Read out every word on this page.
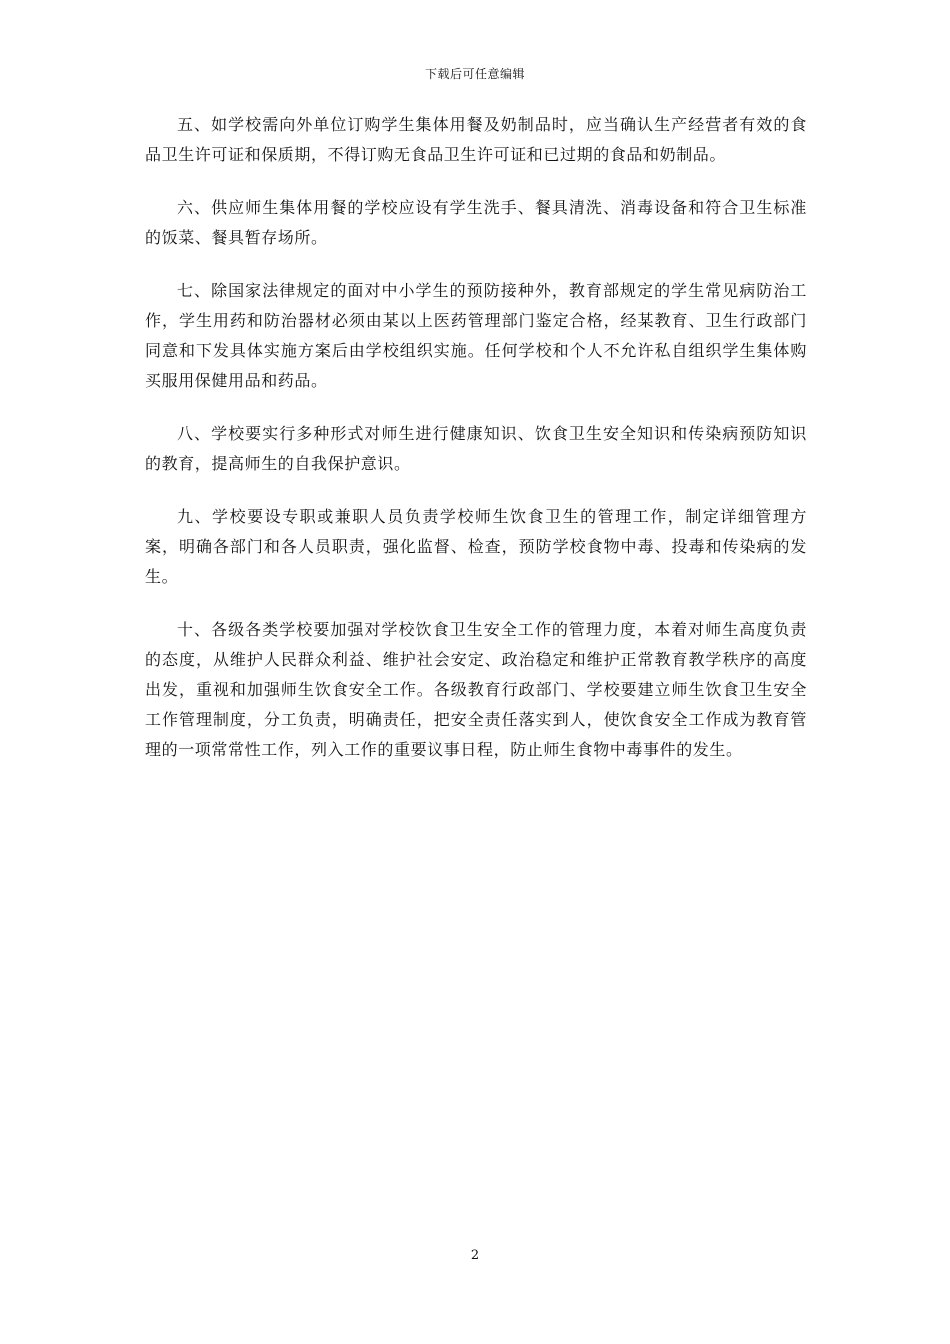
下载后可任意编辑

五、如学校需向外单位订购学生集体用餐及奶制品时，应当确认生产经营者有效的食品卫生许可证和保质期，不得订购无食品卫生许可证和已过期的食品和奶制品。

六、供应师生集体用餐的学校应设有学生洗手、餐具清洗、消毒设备和符合卫生标准的饭菜、餐具暂存场所。

七、除国家法律规定的面对中小学生的预防接种外，教育部规定的学生常见病防治工作，学生用药和防治器材必须由某以上医药管理部门鉴定合格，经某教育、卫生行政部门同意和下发具体实施方案后由学校组织实施。任何学校和个人不允许私自组织学生集体购买服用保健用品和药品。

八、学校要实行多种形式对师生进行健康知识、饮食卫生安全知识和传染病预防知识的教育，提高师生的自我保护意识。

九、学校要设专职或兼职人员负责学校师生饮食卫生的管理工作，制定详细管理方案，明确各部门和各人员职责，强化监督、检查，预防学校食物中毒、投毒和传染病的发生。

十、各级各类学校要加强对学校饮食卫生安全工作的管理力度，本着对师生高度负责的态度，从维护人民群众利益、维护社会安定、政治稳定和维护正常教育教学秩序的高度出发，重视和加强师生饮食安全工作。各级教育行政部门、学校要建立师生饮食卫生安全工作管理制度，分工负责，明确责任，把安全责任落实到人，使饮食安全工作成为教育管理的一项常常性工作，列入工作的重要议事日程，防止师生食物中毒事件的发生。

2
